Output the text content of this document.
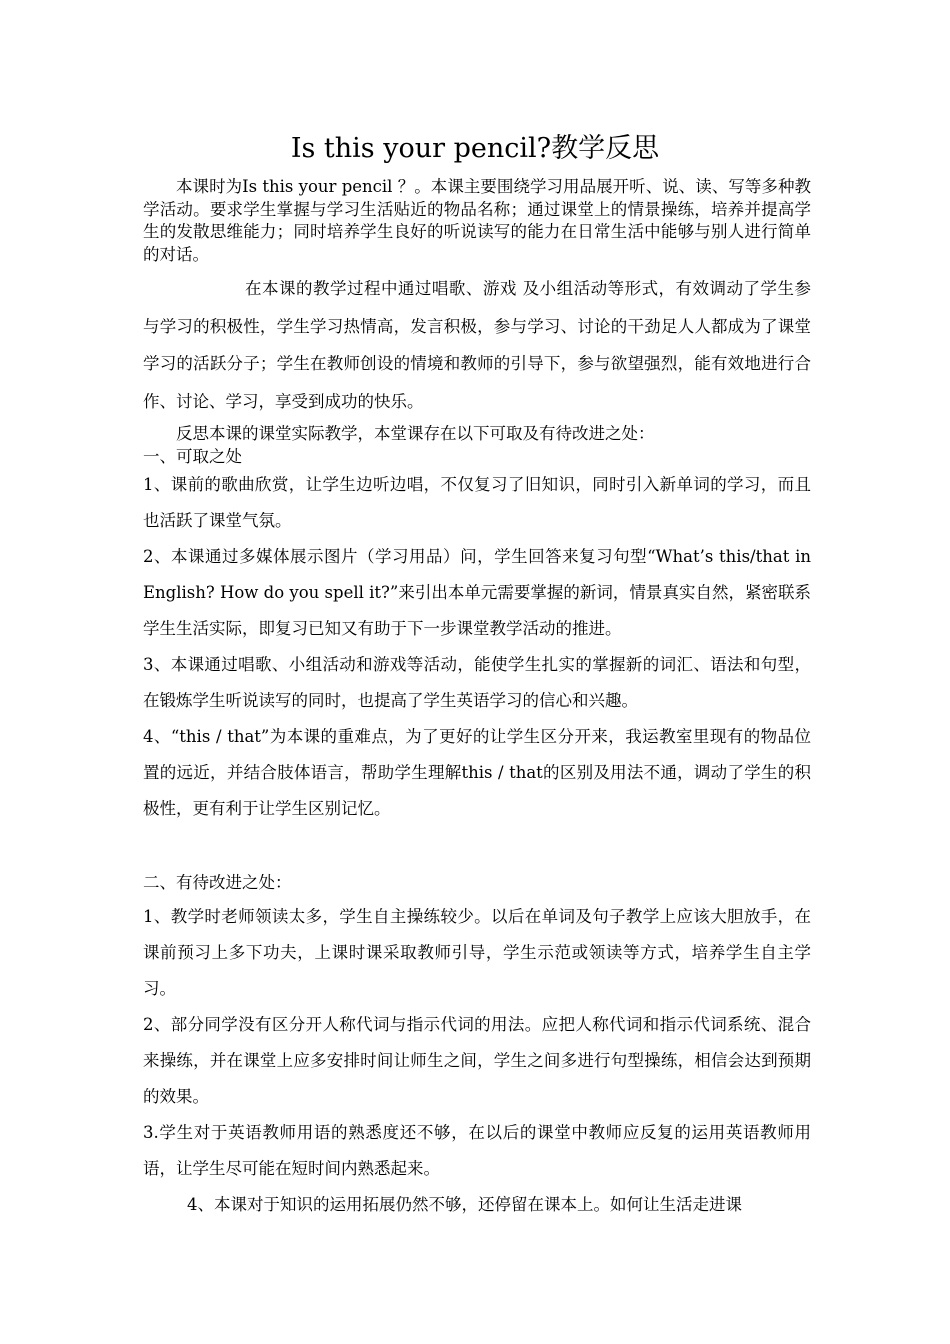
Is this your pencil?教学反思

本课时为Is this your pencil ？。本课主要围绕学习用品展开听、说、读、写等多种教学活动。要求学生掌握与学习生活贴近的物品名称；通过课堂上的情景操练，培养并提高学生的发散思维能力；同时培养学生良好的听说读写的能力在日常生活中能够与别人进行简单的对话。

在本课的教学过程中通过唱歌、游戏 及小组活动等形式，有效调动了学生参与学习的积极性，学生学习热情高，发言积极，参与学习、讨论的干劲足人人都成为了课堂学习的活跃分子；学生在教师创设的情境和教师的引导下，参与欲望强烈，能有效地进行合作、讨论、学习，享受到成功的快乐。

反思本课的课堂实际教学，本堂课存在以下可取及有待改进之处：

一、可取之处

1、课前的歌曲欣赏，让学生边听边唱，不仅复习了旧知识，同时引入新单词的学习，而且也活跃了课堂气氛。

2、本课通过多媒体展示图片（学习用品）问，学生回答来复习句型“What’s this/that in English? How do you spell it?”来引出本单元需要掌握的新词，情景真实自然，紧密联系学生生活实际，即复习已知又有助于下一步课堂教学活动的推进。

3、本课通过唱歌、小组活动和游戏等活动，能使学生扎实的掌握新的词汇、语法和句型，在锻炼学生听说读写的同时，也提高了学生英语学习的信心和兴趣。

4、“this / that”为本课的重难点，为了更好的让学生区分开来，我运教室里现有的物品位置的远近，并结合肢体语言，帮助学生理解this / that的区别及用法不通，调动了学生的积极性，更有利于让学生区别记忆。

二、有待改进之处：

1、教学时老师领读太多，学生自主操练较少。以后在单词及句子教学上应该大胆放手，在课前预习上多下功夫，上课时课采取教师引导，学生示范或领读等方式，培养学生自主学习。

2、部分同学没有区分开人称代词与指示代词的用法。应把人称代词和指示代词系统、混合来操练，并在课堂上应多安排时间让师生之间，学生之间多进行句型操练，相信会达到预期的效果。

3.学生对于英语教师用语的熟悉度还不够，在以后的课堂中教师应反复的运用英语教师用语，让学生尽可能在短时间内熟悉起来。

4、本课对于知识的运用拓展仍然不够，还停留在课本上。如何让生活走进课
